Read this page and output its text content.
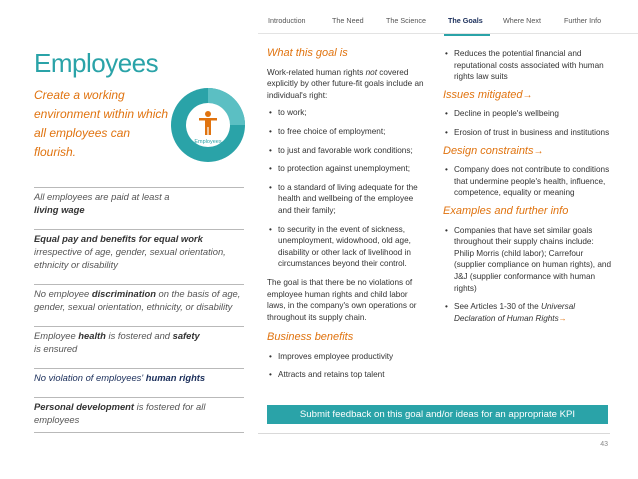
Introduction	The Need	The Science	The Goals	Where Next	Further Info
Employees
Create a working environment within which all employees can flourish.
Employees
All employees are paid at least a
living wage
Equal pay and benefits for equal work
irrespective of age, gender, sexual orientation, ethnicity or disability
No employee discrimination on the basis of age, gender, sexual orientation, ethnicity, or disability
Employee health is fostered and safety
is ensured
No violation of employees' human rights
Personal development is fostered for all employees
What this goal is
Work-related human rights not covered explicitly by other future-fit goals include an individual's right:
• to work;
• to free choice of employment;
• to just and favorable work conditions;
• to protection against unemployment;
• to a standard of living adequate for the health and wellbeing of the employee and their family;
• to security in the event of sickness, unemployment, widowhood, old age, disability or other lack of livelihood in circumstances beyond their control.
The goal is that there be no violations of employee human rights and child labor laws, in the company's own operations or throughout its supply chain.
Business benefits
• Improves employee productivity
• Attracts and retains top talent
• Reduces the potential financial and reputational costs associated with human rights law suits
Issues mitigated→
• Decline in people's wellbeing
• Erosion of trust in business and institutions
Design constraints→
• Company does not contribute to conditions that undermine people's health, influence, competence, equality or meaning
Examples and further info
• Companies that have set similar goals throughout their supply chains include: Philip Morris (child labor); Carrefour (supplier compliance on human rights), and J&J (supplier conformance with human rights)
• See Articles 1-30 of the Universal Declaration of Human Rights→
Submit feedback on this goal and/or ideas for an appropriate KPI
43
